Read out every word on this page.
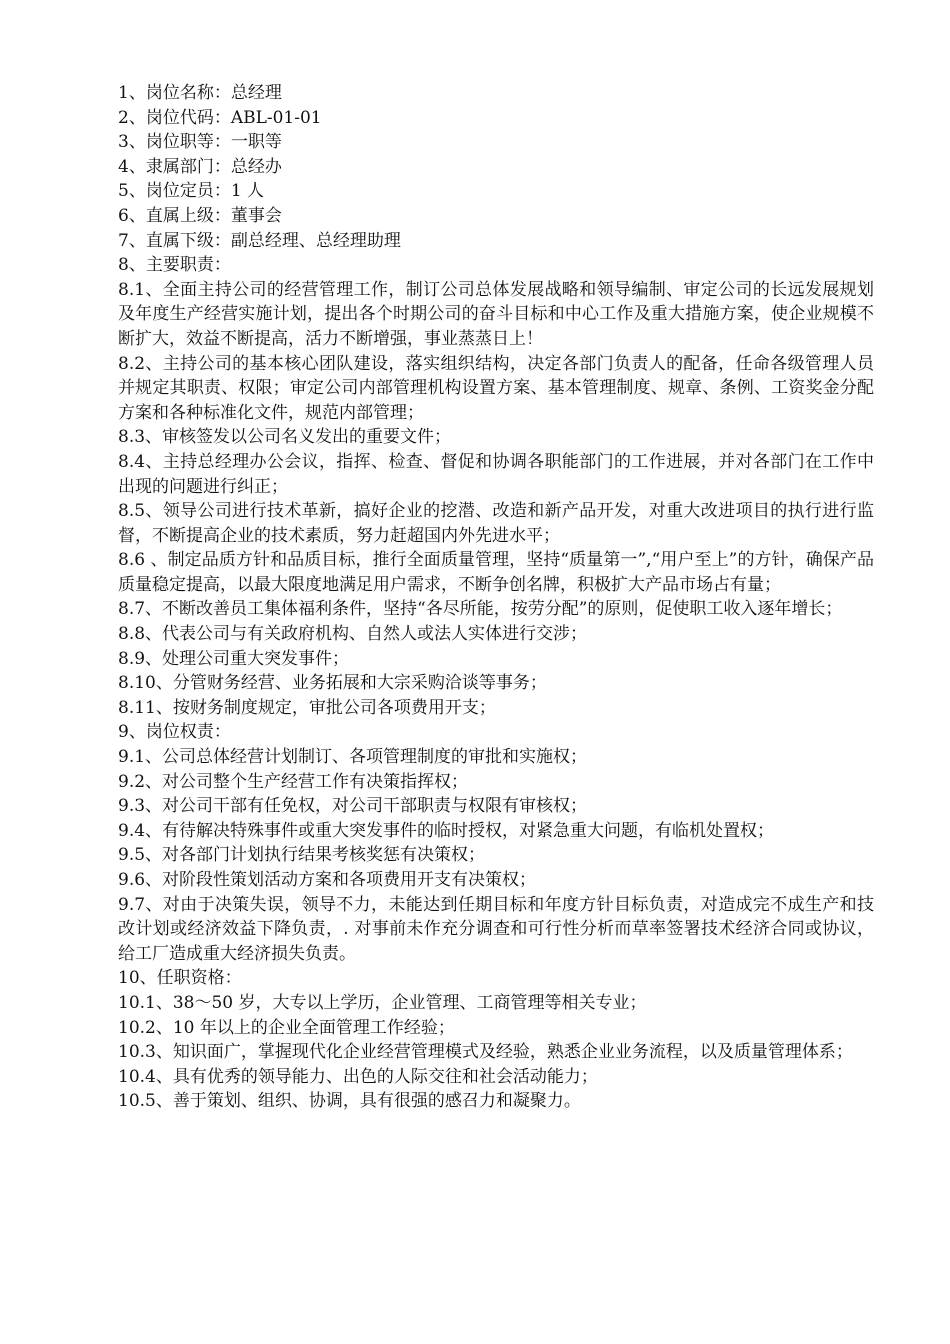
1、岗位名称：总经理

2、岗位代码：ABL-01-01

3、岗位职等：一职等

4、隶属部门：总经办

5、岗位定员：1 人

6、直属上级：董事会

7、直属下级：副总经理、总经理助理

8、主要职责：

8.1、全面主持公司的经营管理工作，制订公司总体发展战略和领导编制、审定公司的长远发展规划及年度生产经营实施计划，提出各个时期公司的奋斗目标和中心工作及重大措施方案，使企业规模不断扩大，效益不断提高，活力不断增强，事业蒸蒸日上！

8.2、主持公司的基本核心团队建设，落实组织结构，决定各部门负责人的配备，任命各级管理人员并规定其职责、权限；审定公司内部管理机构设置方案、基本管理制度、规章、条例、工资奖金分配方案和各种标准化文件，规范内部管理；

8.3、审核签发以公司名义发出的重要文件；

8.4、主持总经理办公会议，指挥、检查、督促和协调各职能部门的工作进展，并对各部门在工作中出现的问题进行纠正；

8.5、领导公司进行技术革新，搞好企业的挖潜、改造和新产品开发，对重大改进项目的执行进行监督，不断提高企业的技术素质，努力赶超国内外先进水平；

8.6 、制定品质方针和品质目标，推行全面质量管理，坚持“质量第一”,“用户至上”的方针，确保产品质量稳定提高，以最大限度地满足用户需求，不断争创名牌，积极扩大产品市场占有量；

8.7、不断改善员工集体福利条件，坚持“各尽所能，按劳分配”的原则，促使职工收入逐年增长；

8.8、代表公司与有关政府机构、自然人或法人实体进行交涉；

8.9、处理公司重大突发事件；

8.10、分管财务经营、业务拓展和大宗采购洽谈等事务；

8.11、按财务制度规定，审批公司各项费用开支；

9、岗位权责：

9.1、公司总体经营计划制订、各项管理制度的审批和实施权；

9.2、对公司整个生产经营工作有决策指挥权；

9.3、对公司干部有任免权，对公司干部职责与权限有审核权；

9.4、有待解决特殊事件或重大突发事件的临时授权，对紧急重大问题，有临机处置权；

9.5、对各部门计划执行结果考核奖惩有决策权；

9.6、对阶段性策划活动方案和各项费用开支有决策权；

9.7、对由于决策失误，领导不力，未能达到任期目标和年度方针目标负责，对造成完不成生产和技改计划或经济效益下降负责，. 对事前未作充分调查和可行性分析而草率签署技术经济合同或协议，给工厂造成重大经济损失负责。

10、任职资格：

10.1、38～50 岁，大专以上学历，企业管理、工商管理等相关专业；

10.2、10 年以上的企业全面管理工作经验；

10.3、知识面广，掌握现代化企业经营管理模式及经验，熟悉企业业务流程，以及质量管理体系；

10.4、具有优秀的领导能力、出色的人际交往和社会活动能力；

10.5、善于策划、组织、协调，具有很强的感召力和凝聚力。
